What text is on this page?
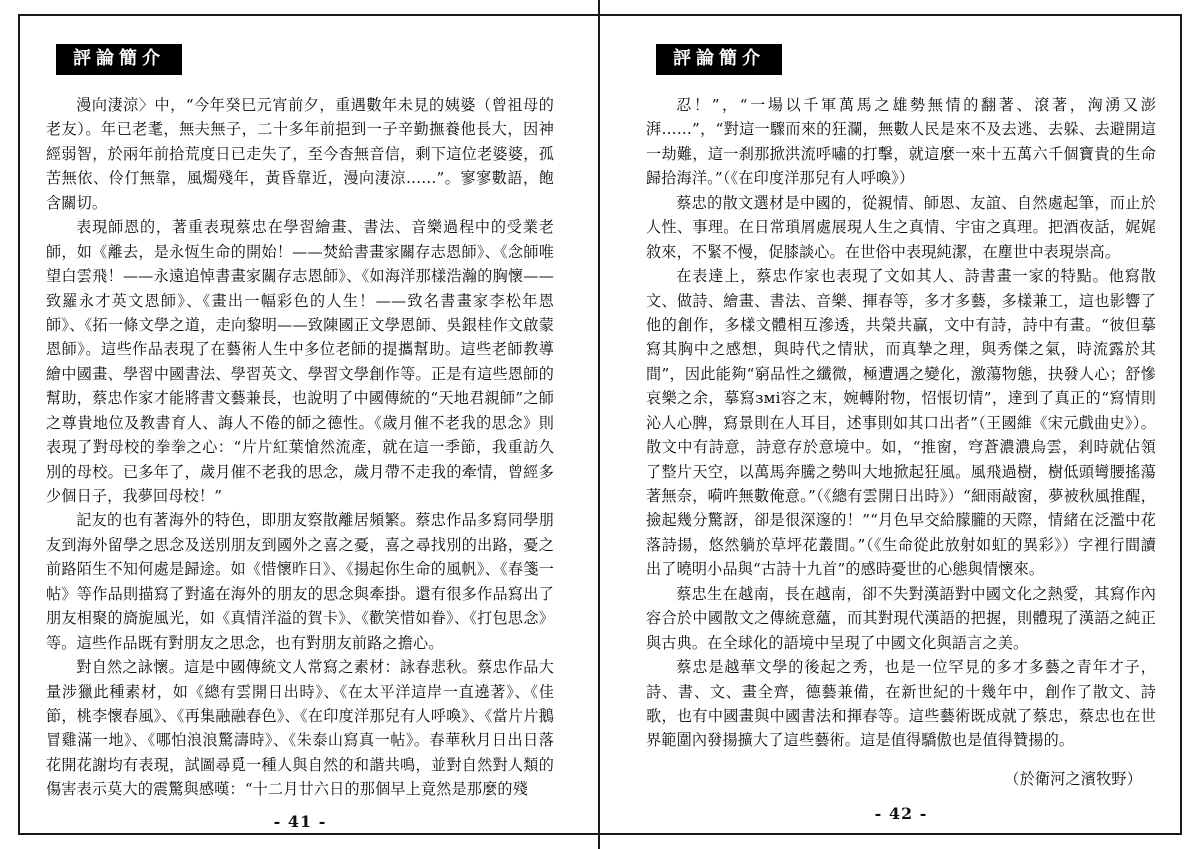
評論簡介

漫向淒涼〉中，“今年癸巳元宵前夕，重遇數年未見的姨婆（曾祖母的老友）。年已老耄，無夫無子，二十多年前挹到一子辛勤撫養他長大，因神經弱智，於兩年前拾荒度日已走失了，至今杳無音信，剩下這位老婆婆，孤苦無依、伶仃無靠，風燭殘年，黃昏靠近，漫向淒涼……”。寥寥數語，飽含關切。

表現師恩的，著重表現蔡忠在學習繪畫、書法、音樂過程中的受業老師，如《離去，是永恆生命的開始！——焚給書畫家關存志恩師》、《念師唯望白雲飛！——永遠追悼書畫家關存志恩師》、《如海洋那樣浩瀚的胸懷——致羅永才英文恩師》、《畫出一幅彩色的人生！——致名書畫家李松年恩師》、《拓一條文學之道，走向黎明——致陳國正文學恩師、吳銀桂作文啟蒙恩師》。這些作品表現了在藝術人生中多位老師的提攜幫助。這些老師教導繪中國畫、學習中國書法、學習英文、學習文學創作等。正是有這些恩師的幫助，蔡忠作家才能將書文藝兼長，也說明了中國傳統的“天地君親師”之師之尊貴地位及教書育人、誨人不倦的師之德性。《歲月催不老我的思念》則表現了對母校的拳拳之心：“片片紅葉愴然流產，就在這一季節，我重訪久別的母校。已多年了，歲月催不老我的思念，歲月帶不走我的牽情，曾經多少個日子，我夢回母校！”

記友的也有著海外的特色，即朋友察散離居頻繁。蔡忠作品多寫同學朋友到海外留學之思念及送別朋友到國外之喜之憂，喜之尋找別的出路，憂之前路陌生不知何處是歸途。如《惜懷昨日》、《揚起你生命的風帆》、《春箋一帖》等作品則描寫了對遙在海外的朋友的思念與牽掛。還有很多作品寫出了朋友相聚的旖旎風光，如《真情洋溢的賀卡》、《歡笑惜如眷》、《打包思念》等。這些作品既有對朋友之思念，也有對朋友前路之擔心。

對自然之詠懷。這是中國傳統文人常寫之素材：詠春悲秋。蔡忠作品大量涉獵此種素材，如《總有雲開日出時》、《在太平洋這岸一直遶著》、《佳節，桃李懷春風》、《再集融融春色》、《在印度洋那兒有人呼喚》、《當片片鵝冒雞滿一地》、《哪怕浪浪驚濤時》、《朱泰山寫真一帖》。春華秋月日出日落花開花謝均有表現，試圖尋覓一種人與自然的和諧共鳴，並對自然對人類的傷害表示莫大的震驚與感嘆：“十二月廿六日的那個早上竟然是那麼的殘

- 41 -
評論簡介

忍！”，“一場以千軍萬馬之雄勢無情的翻著、滾著，洶湧又澎湃……”，“對這一驟而來的狂瀾，無數人民是來不及去逃、去躲、去避開這一劫難，這一刹那掀洪流呼嘯的打擊，就這麼一來十五萬六千個寶貴的生命歸拾海洋。”（《在印度洋那兒有人呼喚》）

蔡忠的散文選材是中國的，從親情、師恩、友誼、自然處起筆，而止於人性、事理。在日常瑣屑處展現人生之真情、宇宙之真理。把酒夜話，娓娓敘來，不緊不慢，促膝談心。在世俗中表現純潔，在塵世中表現崇高。

在表達上，蔡忠作家也表現了文如其人、詩書畫一家的特點。他寫散文、做詩、繪畫、書法、音樂、揮春等，多才多藝，多樣兼工，這也影響了他的創作，多樣文體相互滲透，共榮共贏，文中有詩，詩中有畫。“彼但摹寫其胸中之感想，與時代之情狀，而真摯之理，與秀傑之氣，時流露於其間”，因此能夠“窮品性之纖微，極遭遇之變化，激蕩物態，抉發人心；舒慘哀樂之余，摹寫змі容之末，婉轉附物，怊悵切情”，達到了真正的“寫情則沁人心脾，寫景則在人耳目，述事則如其口出者”（王國維《宋元戲曲史》）。散文中有詩意，詩意存於意境中。如，“推窗，穹蒼濃濃烏雲，剎時就佔領了整片天空，以萬馬奔騰之勢叫大地掀起狂風。風飛過樹，樹低頭彎腰搖蕩著無奈，嗬吘無數俺意。”（《總有雲開日出時》）“細雨敲窗，夢被秋風推醒，撿起幾分驚訝，卻是很深邃的！”“月色早交給朦朧的天際，情緒在泛濫中花落詩揚，悠然躺於草坪花叢間。”（《生命從此放射如虹的異彩》）字裡行間讀出了曉明小品與“古詩十九首”的感時憂世的心態與情懷來。

蔡忠生在越南，長在越南，卻不失對漢語對中國文化之熱愛，其寫作內容合於中國散文之傳統意蘊，而其對現代漢語的把握，則體現了漢語之純正與古典。在全球化的語境中呈現了中國文化與語言之美。

蔡忠是越華文學的後起之秀，也是一位罕見的多才多藝之青年才子，詩、書、文、畫全齊，德藝兼備，在新世紀的十幾年中，創作了散文、詩歌，也有中國畫與中國書法和揮春等。這些藝術既成就了蔡忠，蔡忠也在世界範圍內發揚擴大了這些藝術。這是值得驕傲也是值得贊揚的。

（於衛河之濱牧野）

- 42 -
